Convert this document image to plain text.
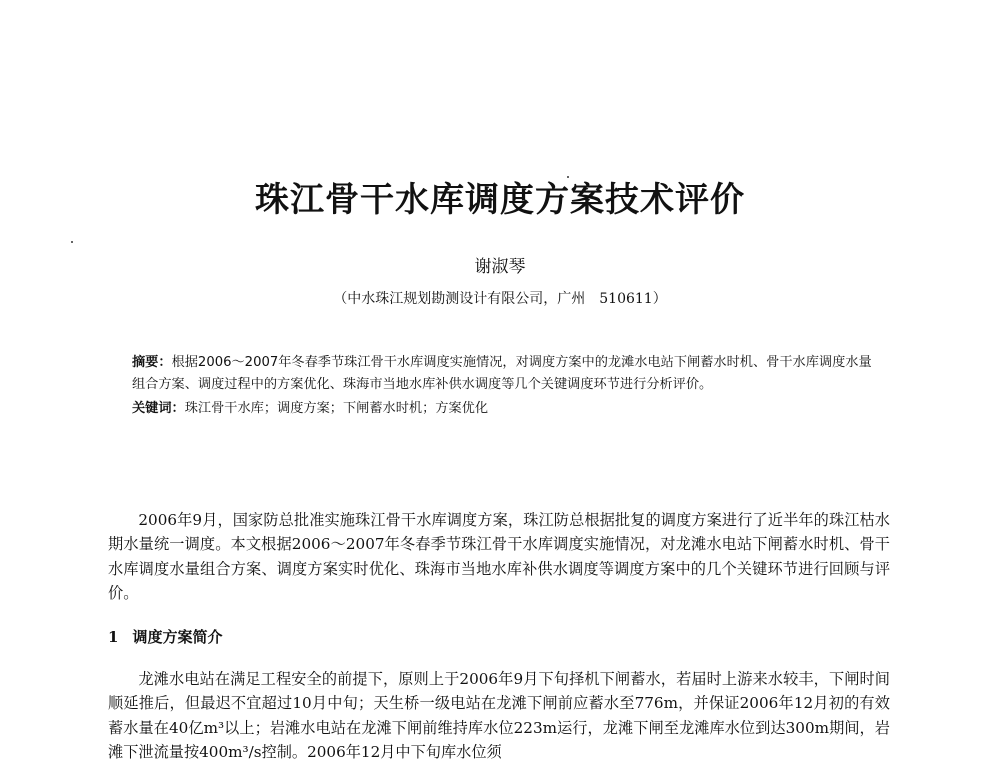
珠江骨干水库调度方案技术评价
谢淑琴
（中水珠江规划勘测设计有限公司，广州　510611）

摘要：根据2006～2007年冬春季节珠江骨干水库调度实施情况，对调度方案中的龙滩水电站下闸蓄水时机、骨干水库调度水量组合方案、调度过程中的方案优化、珠海市当地水库补供水调度等几个关键调度环节进行分析评价。

关键词：珠江骨干水库；调度方案；下闸蓄水时机；方案优化

2006年9月，国家防总批准实施珠江骨干水库调度方案，珠江防总根据批复的调度方案进行了近半年的珠江枯水期水量统一调度。本文根据2006～2007年冬春季节珠江骨干水库调度实施情况，对龙滩水电站下闸蓄水时机、骨干水库调度水量组合方案、调度方案实时优化、珠海市当地水库补供水调度等调度方案中的几个关键环节进行回顾与评价。

1 调度方案简介

龙滩水电站在满足工程安全的前提下，原则上于2006年9月下旬择机下闸蓄水，若届时上游来水较丰，下闸时间顺延推后，但最迟不宜超过10月中旬；天生桥一级电站在龙滩下闸前应蓄水至776m，并保证2006年12月初的有效蓄水量在40亿m³以上；岩滩水电站在龙滩下闸前维持库水位223m运行，龙滩下闸至龙滩库水位到达300m期间，岩滩下泄流量按400m³/s控制。2006年12月中下旬库水位须
